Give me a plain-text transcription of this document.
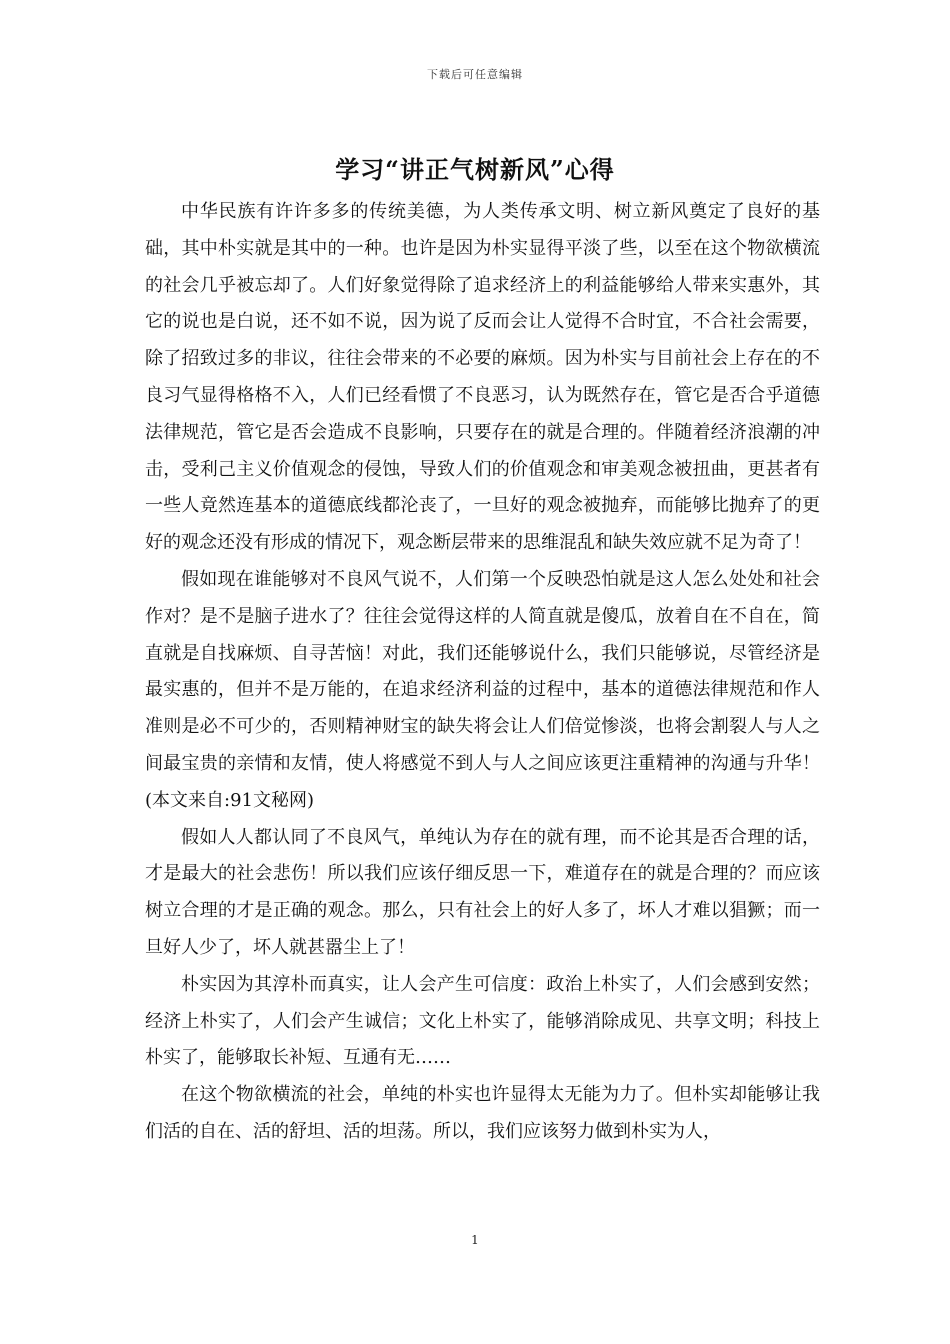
下载后可任意编辑
学习“讲正气树新风”心得

中华民族有许许多多的传统美德，为人类传承文明、树立新风奠定了良好的基础，其中朴实就是其中的一种。也许是因为朴实显得平淡了些，以至在这个物欲横流的社会几乎被忘却了。人们好象觉得除了追求经济上的利益能够给人带来实惠外，其它的说也是白说，还不如不说，因为说了反而会让人觉得不合时宜，不合社会需要，除了招致过多的非议，往往会带来的不必要的麻烦。因为朴实与目前社会上存在的不良习气显得格格不入，人们已经看惯了不良恶习，认为既然存在，管它是否合乎道德法律规范，管它是否会造成不良影响，只要存在的就是合理的。伴随着经济浪潮的冲击，受利己主义价值观念的侵蚀，导致人们的价值观念和审美观念被扭曲，更甚者有一些人竟然连基本的道德底线都沦丧了，一旦好的观念被抛弃，而能够比抛弃了的更好的观念还没有形成的情况下，观念断层带来的思维混乱和缺失效应就不足为奇了！

假如现在谁能够对不良风气说不，人们第一个反映恐怕就是这人怎么处处和社会作对？是不是脑子进水了？往往会觉得这样的人简直就是傻瓜，放着自在不自在，简直就是自找麻烦、自寻苦恼！对此，我们还能够说什么，我们只能够说，尽管经济是最实惠的，但并不是万能的，在追求经济利益的过程中，基本的道德法律规范和作人准则是必不可少的，否则精神财宝的缺失将会让人们倍觉惨淡，也将会割裂人与人之间最宝贵的亲情和友情，使人将感觉不到人与人之间应该更注重精神的沟通与升华！(本文来自:91文秘网)

假如人人都认同了不良风气，单纯认为存在的就有理，而不论其是否合理的话，才是最大的社会悲伤！所以我们应该仔细反思一下，难道存在的就是合理的？而应该树立合理的才是正确的观念。那么，只有社会上的好人多了，坏人才难以猖獗；而一旦好人少了，坏人就甚嚣尘上了！

朴实因为其淳朴而真实，让人会产生可信度：政治上朴实了，人们会感到安然；经济上朴实了，人们会产生诚信；文化上朴实了，能够消除成见、共享文明；科技上朴实了，能够取长补短、互通有无……

在这个物欲横流的社会，单纯的朴实也许显得太无能为力了。但朴实却能够让我们活的自在、活的舒坦、活的坦荡。所以，我们应该努力做到朴实为人，

1
